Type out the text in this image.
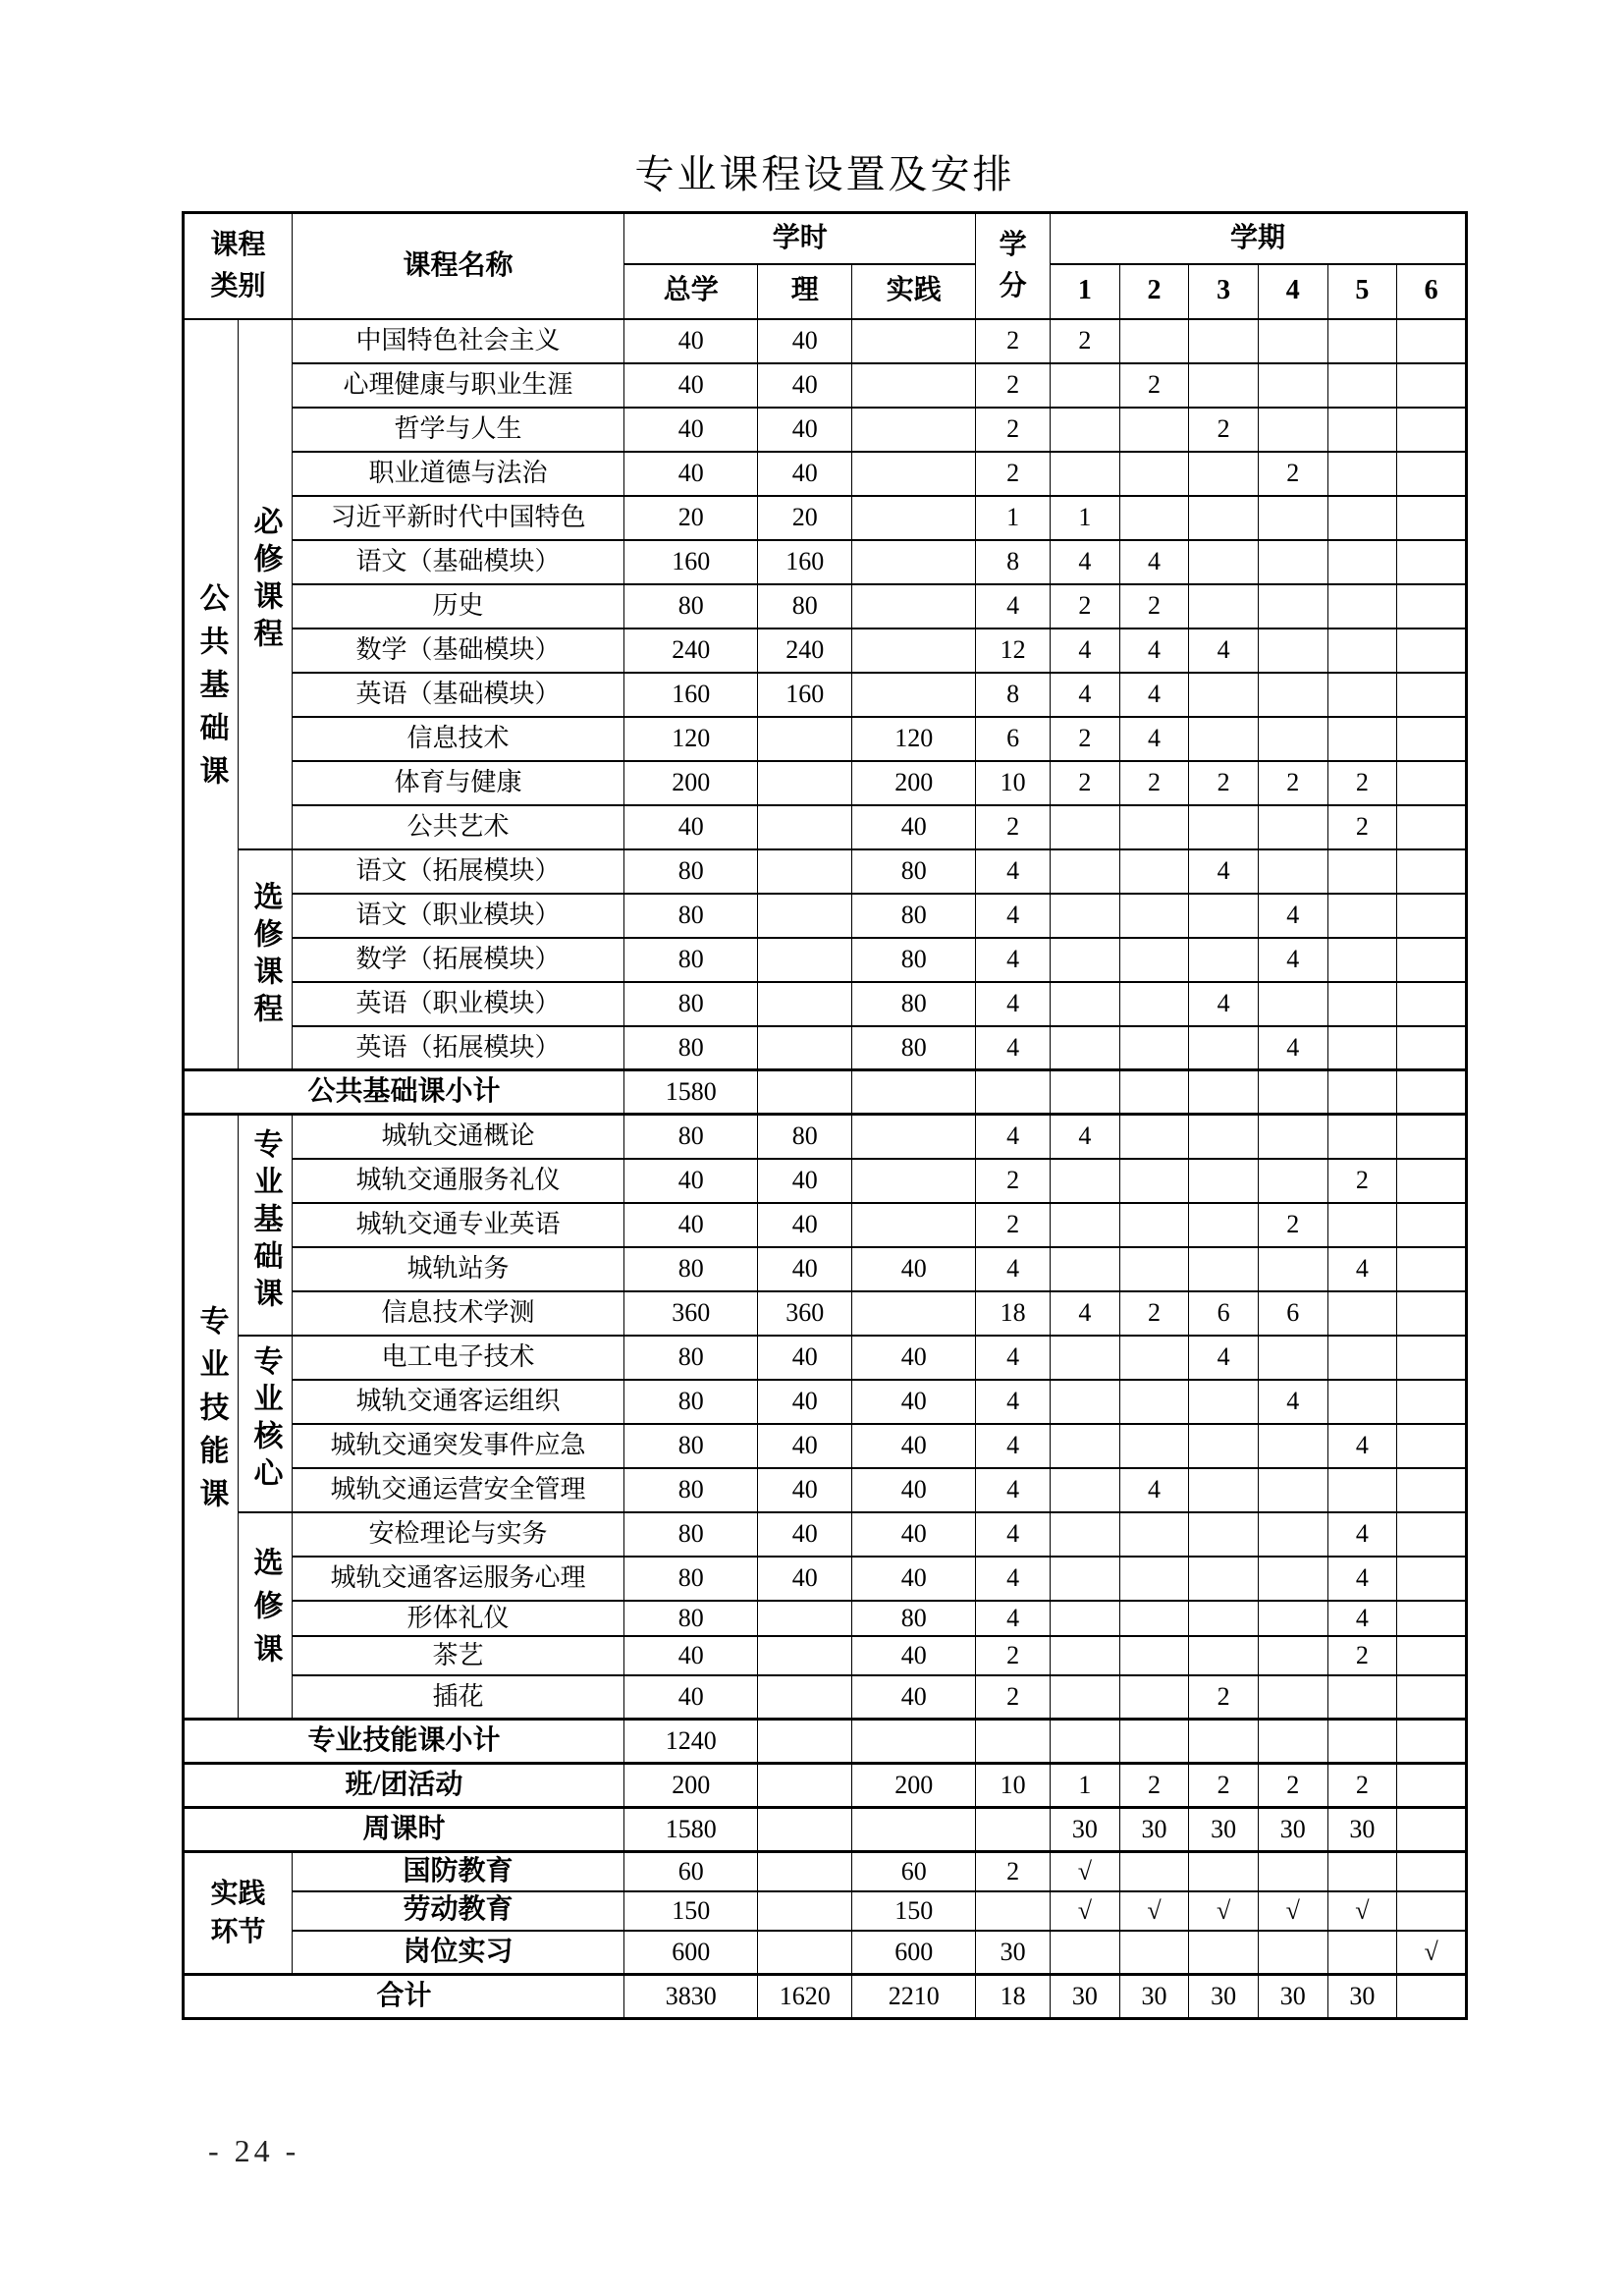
专业课程设置及安排
课程类别		课程名称	学时			学分	学期					
			总学	理	实践		1	2	3	4	5	6
公共基础课	必修课程	中国特色社会主义	40	40		2	2					
		心理健康与职业生涯	40	40		2		2				
		哲学与人生	40	40		2			2			
		职业道德与法治	40	40		2				2		
		习近平新时代中国特色	20	20		1	1					
		语文（基础模块）	160	160		8	4	4				
		历史	80	80		4	2	2				
		数学（基础模块）	240	240		12	4	4	4			
		英语（基础模块）	160	160		8	4	4				
		信息技术	120		120	6	2	4				
		体育与健康	200		200	10	2	2	2	2	2	
		公共艺术	40		40	2					2	
	选修课程	语文（拓展模块）	80		80	4			4			
		语文（职业模块）	80		80	4				4		
		数学（拓展模块）	80		80	4				4		
		英语（职业模块）	80		80	4			4			
		英语（拓展模块）	80		80	4				4		
公共基础课小计			1580									
专业技能课	专业基础课	城轨交通概论	80	80		4	4					
		城轨交通服务礼仪	40	40		2					2	
		城轨交通专业英语	40	40		2				2		
		城轨站务	80	40	40	4					4	
		信息技术学测	360	360		18	4	2	6	6		
	专业核心	电工电子技术	80	40	40	4			4			
		城轨交通客运组织	80	40	40	4				4		
		城轨交通突发事件应急	80	40	40	4					4	
		城轨交通运营安全管理	80	40	40	4		4				
	选修课	安检理论与实务	80	40	40	4					4	
		城轨交通客运服务心理	80	40	40	4					4	
		形体礼仪	80		80	4					4	
		茶艺	40		40	2					2	
		插花	40		40	2			2			
专业技能课小计			1240									
班/团活动			200		200	10	1	2	2	2	2	
周课时			1580				30	30	30	30	30	
实践环节		国防教育	60		60	2	√					
		劳动教育	150		150		√	√	√	√	√	
		岗位实习	600		600	30						√
合计			3830	1620	2210	18	30	30	30	30	30	
- 24 -
